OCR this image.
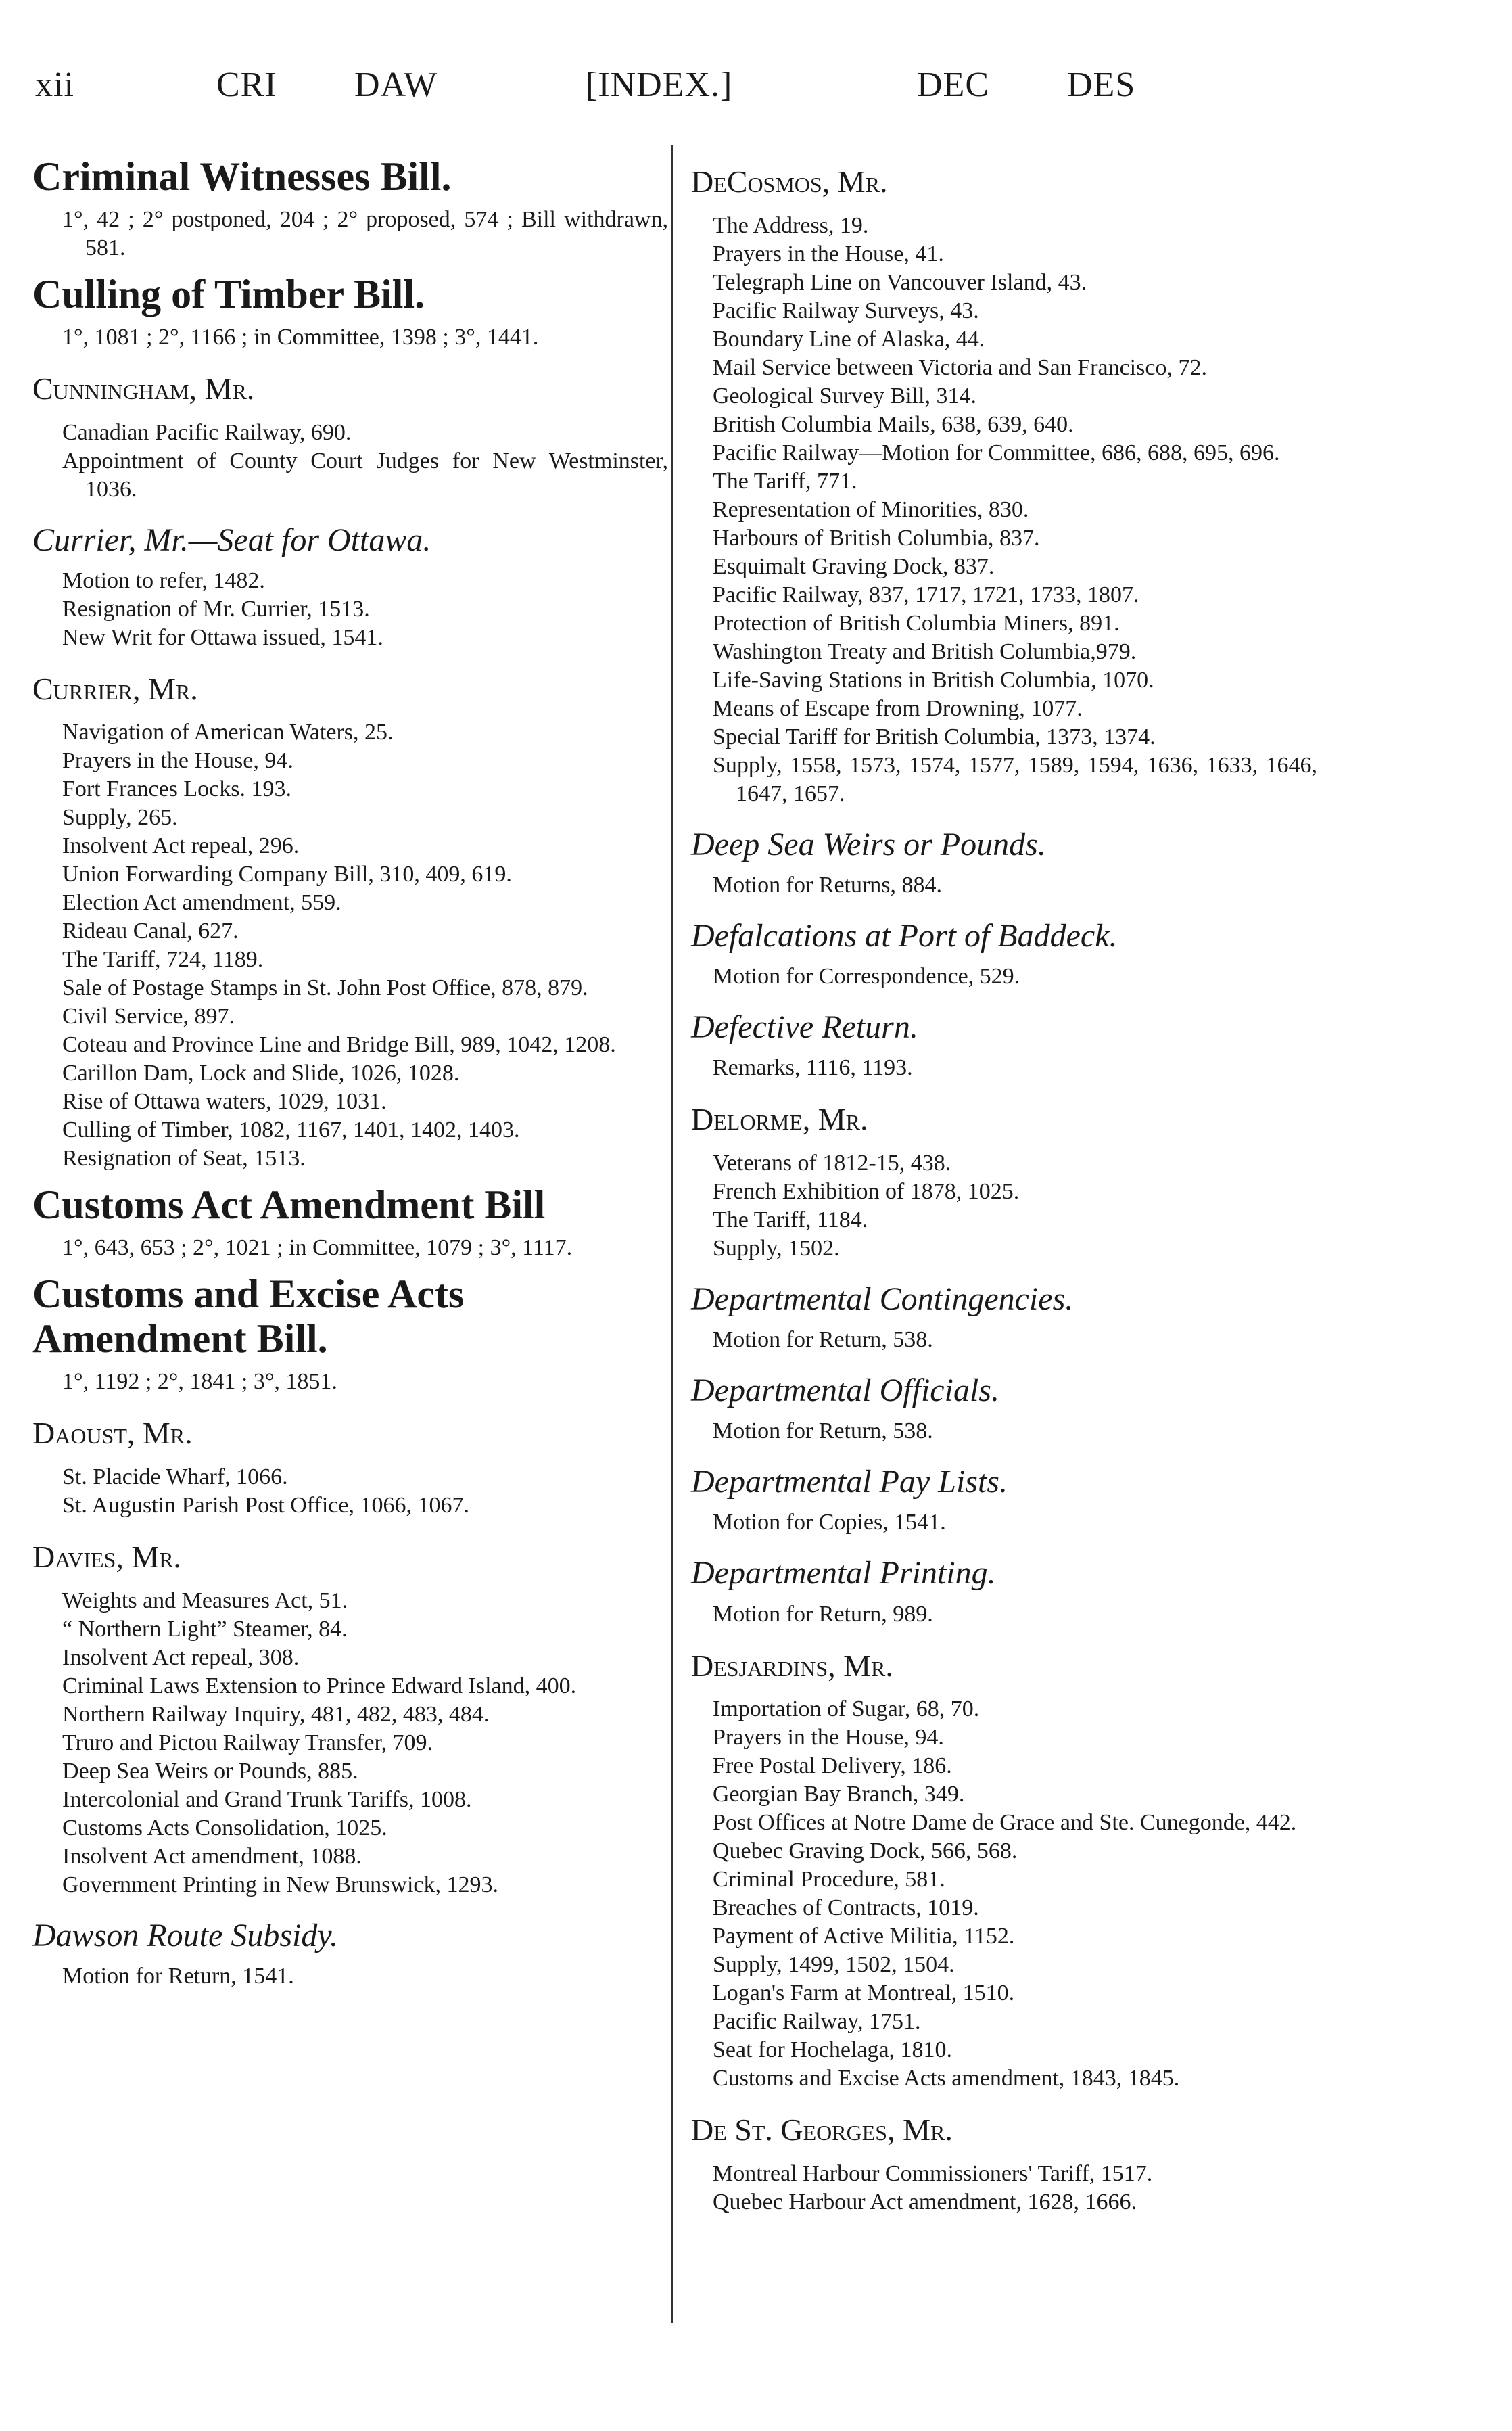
xii	CRI DAW	[INDEX.]	DEC DES
Criminal Witnesses Bill.
1°, 42 ; 2° postponed, 204 ; 2° proposed, 574 ; Bill withdrawn, 581.
Culling of Timber Bill.
1°, 1081 ; 2°, 1166 ; in Committee, 1398 ; 3°, 1441.
Cunningham, Mr.
Canadian Pacific Railway, 690.
Appointment of County Court Judges for New Westminster, 1036.
Currier, Mr.—Seat for Ottawa.
Motion to refer, 1482.
Resignation of Mr. Currier, 1513.
New Writ for Ottawa issued, 1541.
Currier, Mr.
Navigation of American Waters, 25.
Prayers in the House, 94.
Fort Frances Locks. 193.
Supply, 265.
Insolvent Act repeal, 296.
Union Forwarding Company Bill, 310, 409, 619.
Election Act amendment, 559.
Rideau Canal, 627.
The Tariff, 724, 1189.
Sale of Postage Stamps in St. John Post Office, 878, 879.
Civil Service, 897.
Coteau and Province Line and Bridge Bill, 989, 1042, 1208.
Carillon Dam, Lock and Slide, 1026, 1028.
Rise of Ottawa waters, 1029, 1031.
Culling of Timber, 1082, 1167, 1401, 1402, 1403.
Resignation of Seat, 1513.
Customs Act Amendment Bill
1°, 643, 653 ; 2°, 1021 ; in Committee, 1079 ; 3°, 1117.
Customs and Excise Acts Amendment Bill.
1°, 1192 ; 2°, 1841 ; 3°, 1851.
Daoust, Mr.
St. Placide Wharf, 1066.
St. Augustin Parish Post Office, 1066, 1067.
Davies, Mr.
Weights and Measures Act, 51.
“ Northern Light” Steamer, 84.
Insolvent Act repeal, 308.
Criminal Laws Extension to Prince Edward Island, 400.
Northern Railway Inquiry, 481, 482, 483, 484.
Truro and Pictou Railway Transfer, 709.
Deep Sea Weirs or Pounds, 885.
Intercolonial and Grand Trunk Tariffs, 1008.
Customs Acts Consolidation, 1025.
Insolvent Act amendment, 1088.
Government Printing in New Brunswick, 1293.
Dawson Route Subsidy.
Motion for Return, 1541.
DeCosmos, Mr.
The Address, 19.
Prayers in the House, 41.
Telegraph Line on Vancouver Island, 43.
Pacific Railway Surveys, 43.
Boundary Line of Alaska, 44.
Mail Service between Victoria and San Francisco, 72.
Geological Survey Bill, 314.
British Columbia Mails, 638, 639, 640.
Pacific Railway—Motion for Committee, 686, 688, 695, 696.
The Tariff, 771.
Representation of Minorities, 830.
Harbours of British Columbia, 837.
Esquimalt Graving Dock, 837.
Pacific Railway, 837, 1717, 1721, 1733, 1807.
Protection of British Columbia Miners, 891.
Washington Treaty and British Columbia,979.
Life-Saving Stations in British Columbia, 1070.
Means of Escape from Drowning, 1077.
Special Tariff for British Columbia, 1373, 1374.
Supply, 1558, 1573, 1574, 1577, 1589, 1594, 1636, 1633, 1646, 1647, 1657.
Deep Sea Weirs or Pounds.
Motion for Returns, 884.
Defalcations at Port of Baddeck.
Motion for Correspondence, 529.
Defective Return.
Remarks, 1116, 1193.
Delorme, Mr.
Veterans of 1812-15, 438.
French Exhibition of 1878, 1025.
The Tariff, 1184.
Supply, 1502.
Departmental Contingencies.
Motion for Return, 538.
Departmental Officials.
Motion for Return, 538.
Departmental Pay Lists.
Motion for Copies, 1541.
Departmental Printing.
Motion for Return, 989.
Desjardins, Mr.
Importation of Sugar, 68, 70.
Prayers in the House, 94.
Free Postal Delivery, 186.
Georgian Bay Branch, 349.
Post Offices at Notre Dame de Grace and Ste. Cunegonde, 442.
Quebec Graving Dock, 566, 568.
Criminal Procedure, 581.
Breaches of Contracts, 1019.
Payment of Active Militia, 1152.
Supply, 1499, 1502, 1504.
Logan's Farm at Montreal, 1510.
Pacific Railway, 1751.
Seat for Hochelaga, 1810.
Customs and Excise Acts amendment, 1843, 1845.
De St. Georges, Mr.
Montreal Harbour Commissioners' Tariff, 1517.
Quebec Harbour Act amendment, 1628, 1666.
